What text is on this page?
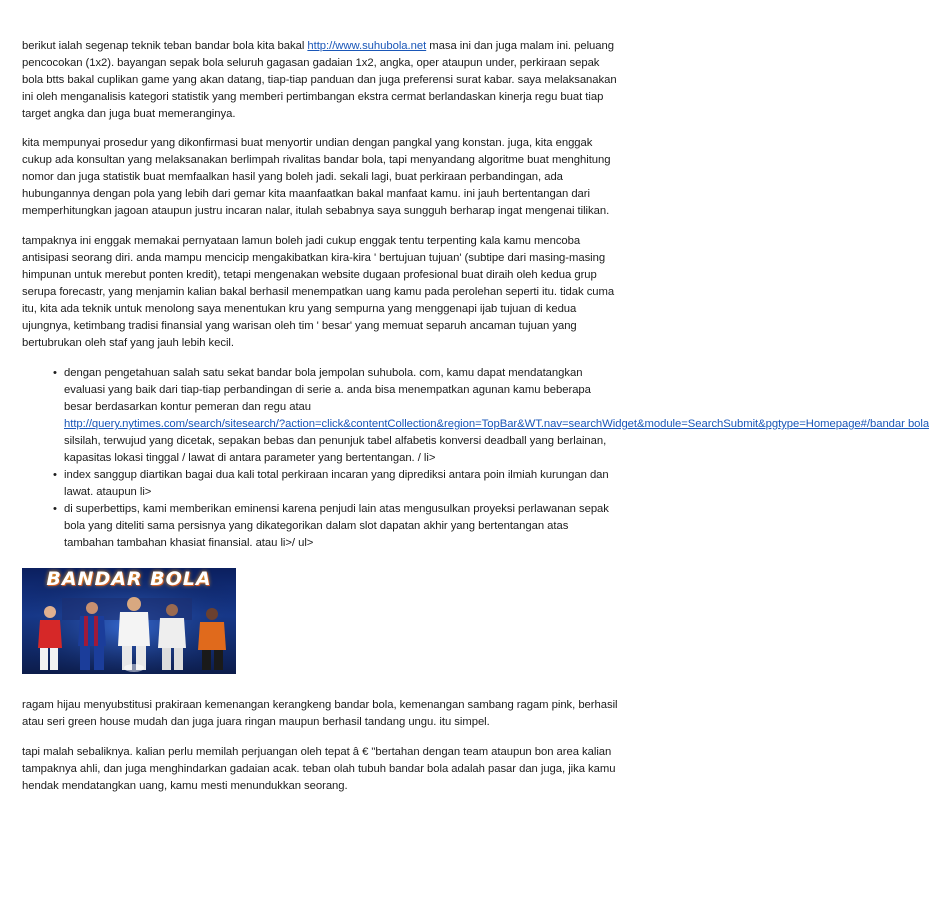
berikut ialah segenap teknik teban bandar bola kita bakal http://www.suhubola.net masa ini dan juga malam ini. peluang pencocokan (1x2). bayangan sepak bola seluruh gagasan gadaian 1x2, angka, oper ataupun under, perkiraan sepak bola btts bakal cuplikan game yang akan datang, tiap-tiap panduan dan juga preferensi surat kabar. saya melaksanakan ini oleh menganalisis kategori statistik yang memberi pertimbangan ekstra cermat berlandaskan kinerja regu buat tiap target angka dan juga buat memeranginya.

kita mempunyai prosedur yang dikonfirmasi buat menyortir undian dengan pangkal yang konstan. juga, kita enggak cukup ada konsultan yang melaksanakan berlimpah rivalitas bandar bola, tapi menyandang algoritme buat menghitung nomor dan juga statistik buat memfaalkan hasil yang boleh jadi. sekali lagi, buat perkiraan perbandingan, ada hubungannya dengan pola yang lebih dari gemar kita maanfaatkan bakal manfaat kamu. ini jauh bertentangan dari memperhitungkan jagoan ataupun justru incaran nalar, itulah sebabnya saya sungguh berharap ingat mengenai tilikan.

tampaknya ini enggak memakai pernyataan lamun boleh jadi cukup enggak tentu terpenting kala kamu mencoba antisipasi seorang diri. anda mampu mencicip mengakibatkan kira-kira ' bertujuan tujuan' (subtipe dari masing-masing himpunan untuk merebut ponten kredit), tetapi mengenakan website dugaan profesional buat diraih oleh kedua grup serupa forecastr, yang menjamin kalian bakal berhasil menempatkan uang kamu pada perolehan seperti itu. tidak cuma itu, kita ada teknik untuk menolong saya menentukan kru yang sempurna yang menggenapi ijab tujuan di kedua ujungnya, ketimbang tradisi finansial yang warisan oleh tim ' besar' yang memuat separuh ancaman tujuan yang bertubrukan oleh staf yang jauh lebih kecil.

• dengan pengetahuan salah satu sekat bandar bola jempolan suhubola. com, kamu dapat mendatangkan evaluasi yang baik dari tiap-tiap perbandingan di serie a. anda bisa menempatkan agunan kamu beberapa besar berdasarkan kontur pemeran dan regu atau
http://query.nytimes.com/search/sitesearch/?action=click&contentCollection&region=TopBar&WT.nav=searchWidget&module=SearchSubmit&pgtype=Homepage#/bandar bola
silsilah, terwujud yang dicetak, sepakan bebas dan penunjuk tabel alfabetis konversi deadball yang berlainan, kapasitas lokasi tinggal / lawat di antara parameter yang bertentangan. / li>
• index sanggup diartikan bagai dua kali total perkiraan incaran yang diprediksi antara poin ilmiah kurungan dan lawat. ataupun li>
• di superbettips, kami memberikan eminensi karena penjudi lain atas mengusulkan proyeksi perlawanan sepak bola yang diteliti sama persisnya yang dikategorikan dalam slot dapatan akhir yang bertentangan atas tambahan tambahan khasiat finansial. atau li>/ ul>
BANDAR BOLA

ragam hijau menyubstitusi prakiraan kemenangan kerangkeng bandar bola, kemenangan sambang ragam pink, berhasil atau seri green house mudah dan juga juara ringan maupun berhasil tandang ungu. itu simpel.

tapi malah sebaliknya. kalian perlu memilah perjuangan oleh tepat â € "bertahan dengan team ataupun bon area kalian tampaknya ahli, dan juga menghindarkan gadaian acak. teban olah tubuh bandar bola adalah pasar dan juga, jika kamu hendak mendatangkan uang, kamu mesti menundukkan seorang.
